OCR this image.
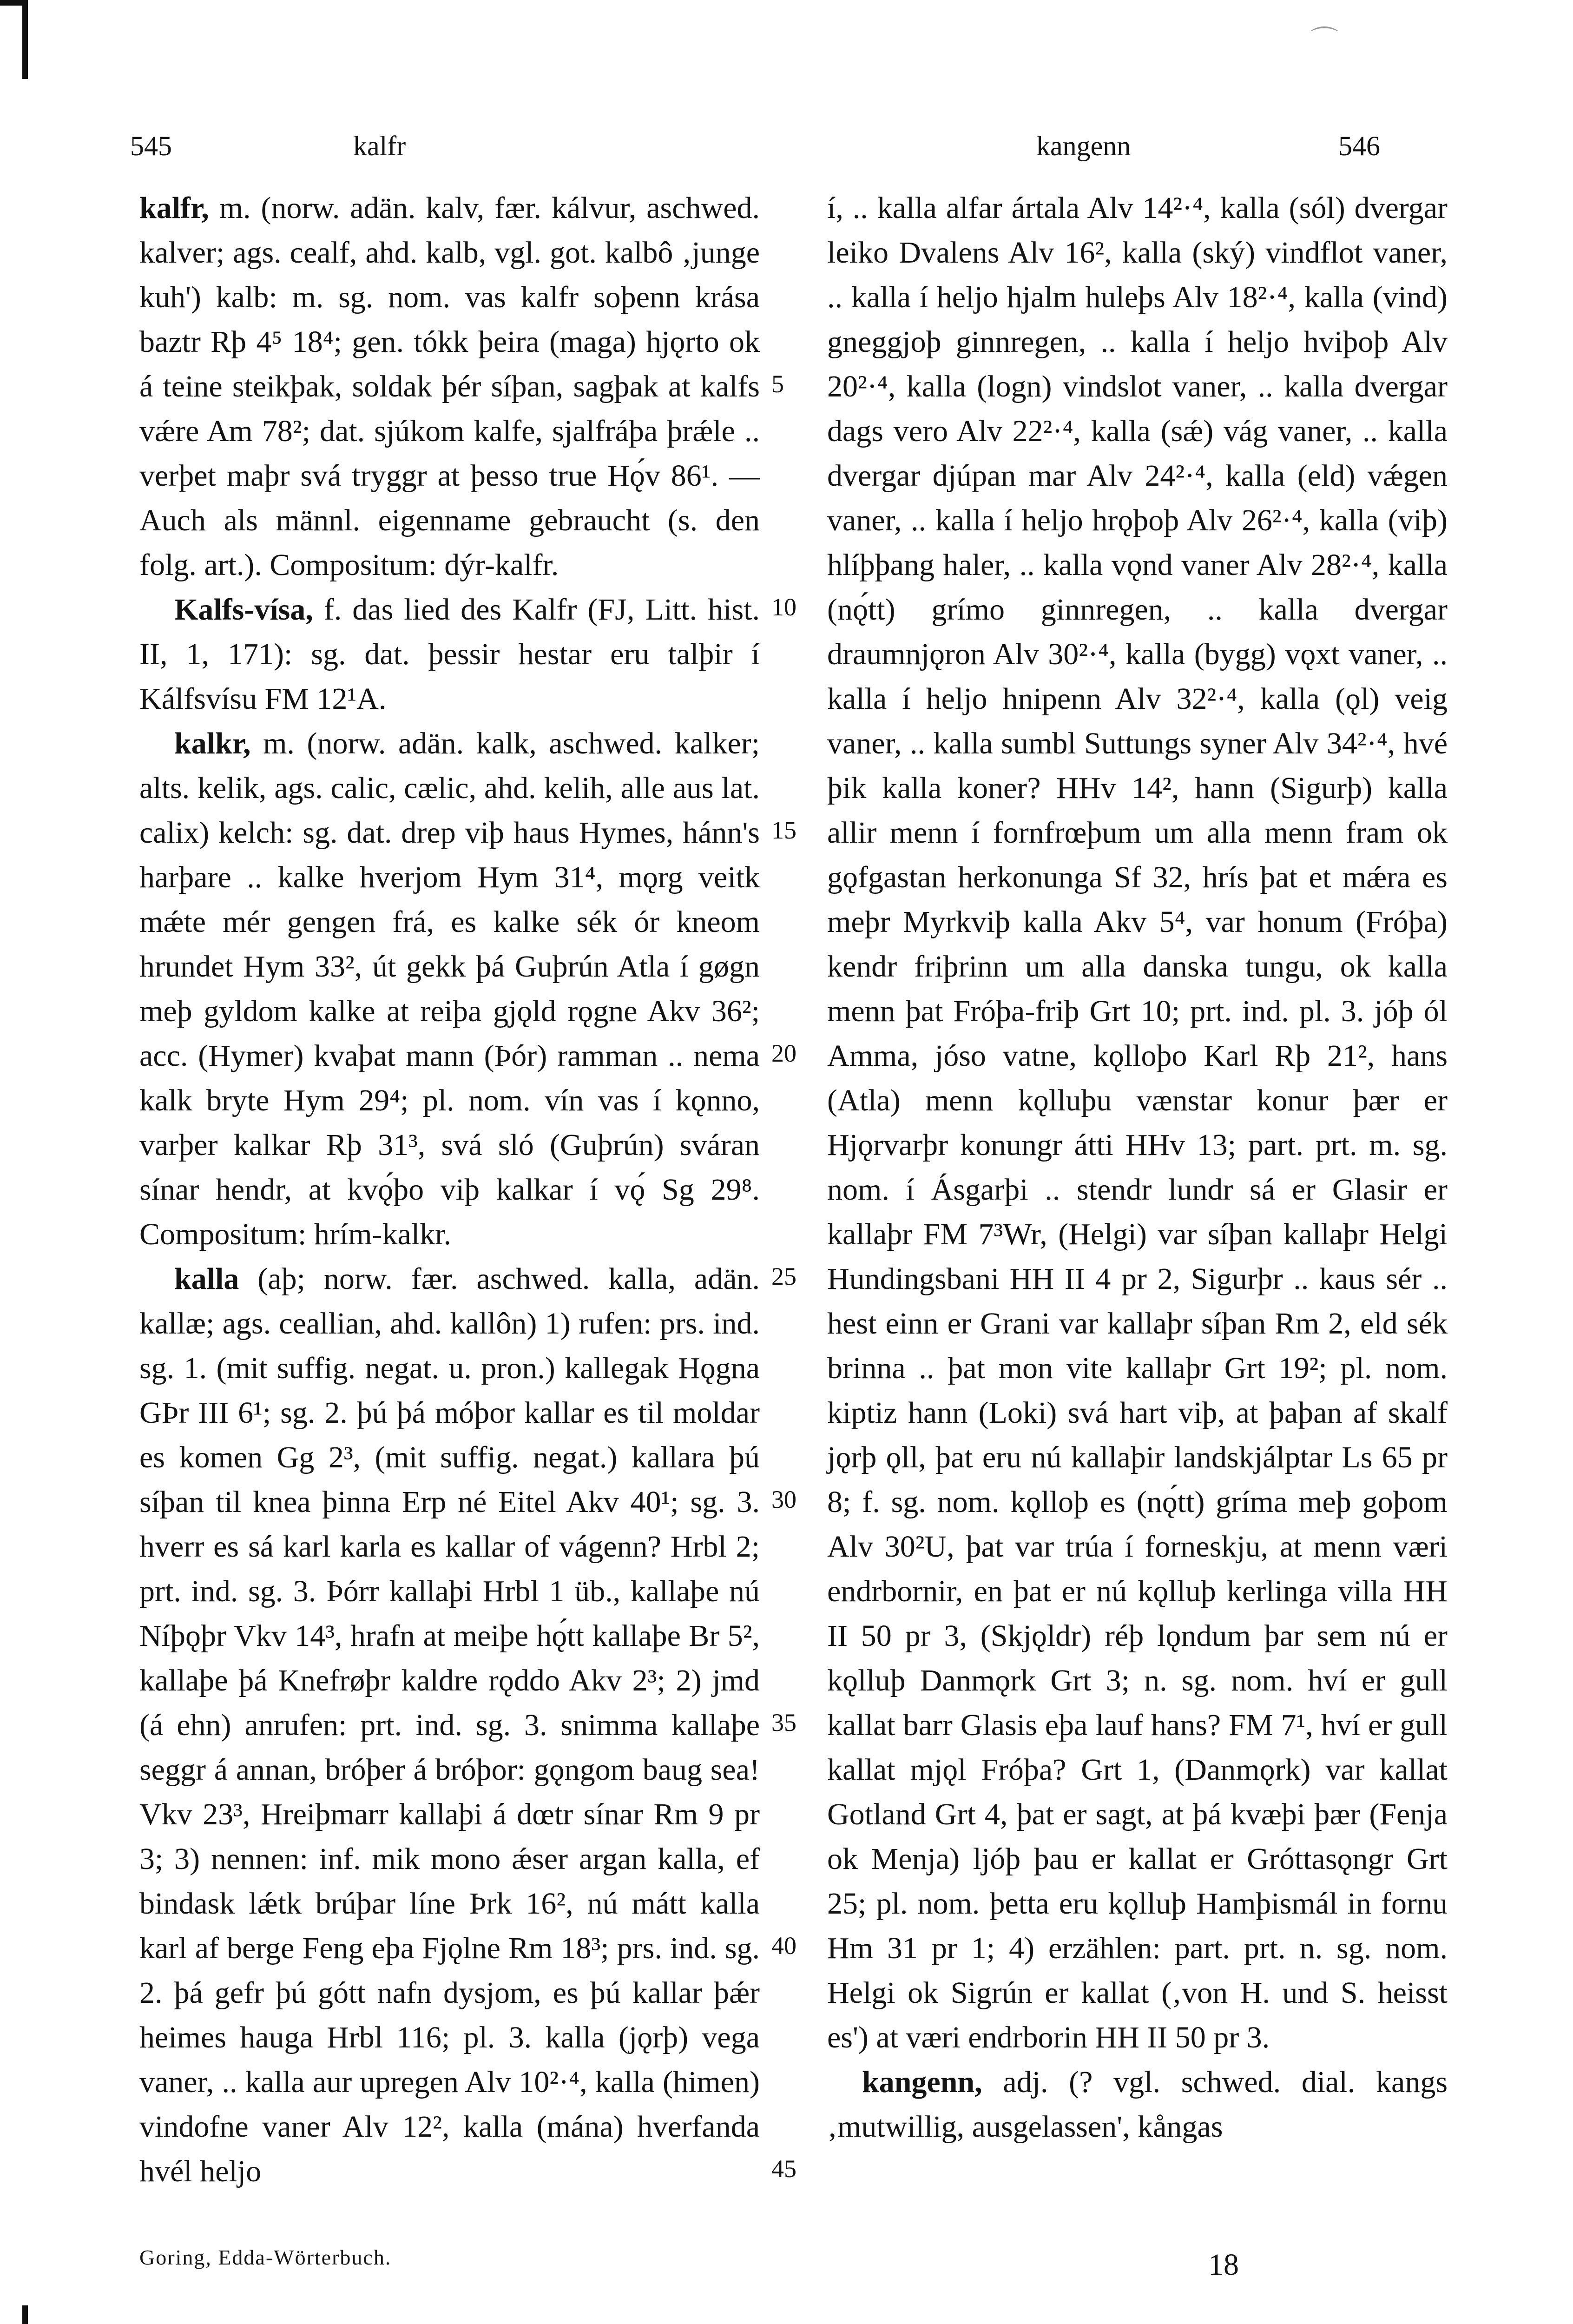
⌒
545	kalfr	kangenn	546

kalfr, m. (norw. adän. kalv, fær. kálvur, aschwed. kalver; ags. cealf, ahd. kalb, vgl. got. kalbô ‚junge kuh') kalb: m. sg. nom. vas kalfr soþenn krása baztr Rþ 4⁵ 18⁴; gen. tókk þeira (maga) hjǫrto ok á teine steikþak, soldak þér síþan, sagþak at kalfs vǽre Am 78²; dat. sjúkom kalfe, sjalfráþa þrǽle .. verþet maþr svá tryggr at þesso true Hǫ́v 86¹. — Auch als männl. eigenname gebraucht (s. den folg. art.). Compositum: dýr-kalfr.

Kalfs-vísa, f. das lied des Kalfr (FJ, Litt. hist. II, 1, 171): sg. dat. þessir hestar eru talþir í Kálfsvísu FM 12¹A.

kalkr, m. (norw. adän. kalk, aschwed. kalker; alts. kelik, ags. calic, cælic, ahd. kelih, alle aus lat. calix) kelch: sg. dat. drep viþ haus Hymes, hánn's harþare .. kalke hverjom Hym 31⁴, mǫrg veitk mǽte mér gengen frá, es kalke sék ór kneom hrundet Hym 33², út gekk þá Guþrún Atla í gøgn meþ gyldom kalke at reiþa gjǫld rǫgne Akv 36²; acc. (Hymer) kvaþat mann (Þór) ramman .. nema kalk bryte Hym 29⁴; pl. nom. vín vas í kǫnno, varþer kalkar Rþ 31³, svá sló (Guþrún) sváran sínar hendr, at kvǫ́þo viþ kalkar í vǫ́ Sg 29⁸. Compositum: hrím-kalkr.

kalla (aþ; norw. fær. aschwed. kalla, adän. kallæ; ags. ceallian, ahd. kallôn) 1) rufen: prs. ind. sg. 1. (mit suffig. negat. u. pron.) kallegak Hǫgna GÞr III 6¹; sg. 2. þú þá móþor kallar es til moldar es komen Gg 2³, (mit suffig. negat.) kallara þú síþan til knea þinna Erp né Eitel Akv 40¹; sg. 3. hverr es sá karl karla es kallar of vágenn? Hrbl 2; prt. ind. sg. 3. Þórr kallaþi Hrbl 1 üb., kallaþe nú Níþǫþr Vkv 14³, hrafn at meiþe hǫ́tt kallaþe Br 5², kallaþe þá Knefrøþr kaldre rǫddo Akv 2³; 2) jmd (á ehn) anrufen: prt. ind. sg. 3. snimma kallaþe seggr á annan, bróþer á bróþor: gǫngom baug sea! Vkv 23³, Hreiþmarr kallaþi á dœtr sínar Rm 9 pr 3; 3) nennen: inf. mik mono ǽser argan kalla, ef bindask lǽtk brúþar líne Þrk 16², nú mátt kalla karl af berge Feng eþa Fjǫlne Rm 18³; prs. ind. sg. 2. þá gefr þú gótt nafn dysjom, es þú kallar þǽr heimes hauga Hrbl 116; pl. 3. kalla (jǫrþ) vega vaner, .. kalla aur upregen Alv 10²·⁴, kalla (himen) vindofne vaner Alv 12², kalla (mána) hverfanda hvél heljo

5
10
15
20
25
30
35
40
45

í, .. kalla alfar ártala Alv 14²·⁴, kalla (sól) dvergar leiko Dvalens Alv 16², kalla (ský) vindflot vaner, .. kalla í heljo hjalm huleþs Alv 18²·⁴, kalla (vind) gneggjoþ ginnregen, .. kalla í heljo hviþoþ Alv 20²·⁴, kalla (logn) vindslot vaner, .. kalla dvergar dags vero Alv 22²·⁴, kalla (sǽ) vág vaner, .. kalla dvergar djúpan mar Alv 24²·⁴, kalla (eld) vǽgen vaner, .. kalla í heljo hrǫþoþ Alv 26²·⁴, kalla (viþ) hlíþþang haler, .. kalla vǫnd vaner Alv 28²·⁴, kalla (nǫ́tt) grímo ginnregen, .. kalla dvergar draumnjǫron Alv 30²·⁴, kalla (bygg) vǫxt vaner, .. kalla í heljo hnipenn Alv 32²·⁴, kalla (ǫl) veig vaner, .. kalla sumbl Suttungs syner Alv 34²·⁴, hvé þik kalla koner? HHv 14², hann (Sigurþ) kalla allir menn í fornfrœþum um alla menn fram ok gǫfgastan herkonunga Sf 32, hrís þat et mǽra es meþr Myrkviþ kalla Akv 5⁴, var honum (Fróþa) kendr friþrinn um alla danska tungu, ok kalla menn þat Fróþa-friþ Grt 10; prt. ind. pl. 3. jóþ ól Amma, jóso vatne, kǫlloþo Karl Rþ 21², hans (Atla) menn kǫlluþu vænstar konur þær er Hjǫrvarþr konungr átti HHv 13; part. prt. m. sg. nom. í Ásgarþi .. stendr lundr sá er Glasir er kallaþr FM 7³Wr, (Helgi) var síþan kallaþr Helgi Hundingsbani HH II 4 pr 2, Sigurþr .. kaus sér .. hest einn er Grani var kallaþr síþan Rm 2, eld sék brinna .. þat mon vite kallaþr Grt 19²; pl. nom. kiptiz hann (Loki) svá hart viþ, at þaþan af skalf jǫrþ ǫll, þat eru nú kallaþir landskjálptar Ls 65 pr 8; f. sg. nom. kǫlloþ es (nǫ́tt) gríma meþ goþom Alv 30²U, þat var trúa í forneskju, at menn væri endrbornir, en þat er nú kǫlluþ kerlinga villa HH II 50 pr 3, (Skjǫldr) réþ lǫndum þar sem nú er kǫlluþ Danmǫrk Grt 3; n. sg. nom. hví er gull kallat barr Glasis eþa lauf hans? FM 7¹, hví er gull kallat mjǫl Fróþa? Grt 1, (Danmǫrk) var kallat Gotland Grt 4, þat er sagt, at þá kvæþi þær (Fenja ok Menja) ljóþ þau er kallat er Gróttasǫngr Grt 25; pl. nom. þetta eru kǫlluþ Hamþismál in fornu Hm 31 pr 1; 4) erzählen: part. prt. n. sg. nom. Helgi ok Sigrún er kallat (‚von H. und S. heisst es') at væri endrborin HH II 50 pr 3.

kangenn, adj. (? vgl. schwed. dial. kangs ‚mutwillig, ausgelassen', kångas

Goring, Edda-Wörterbuch.	18
